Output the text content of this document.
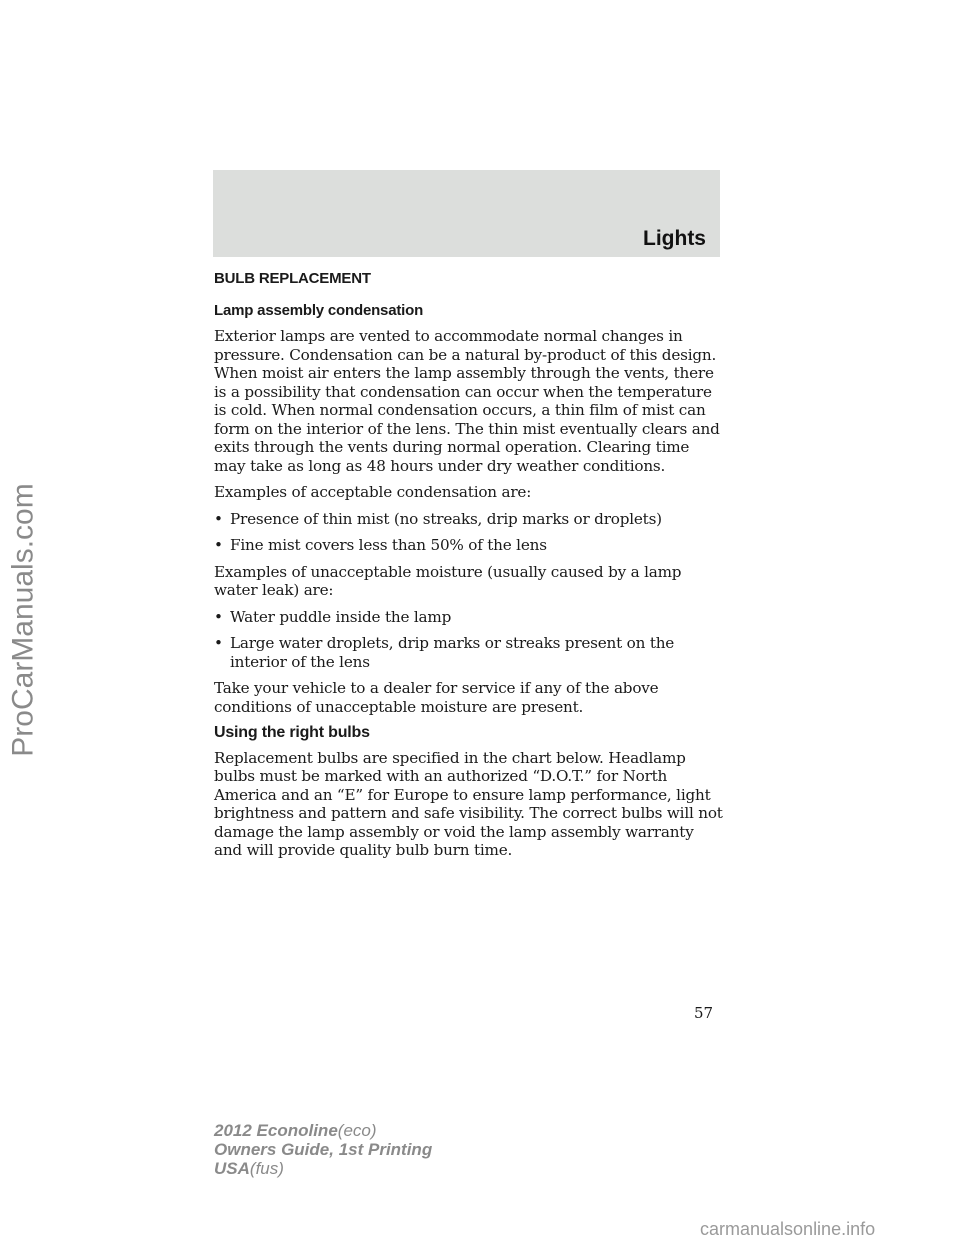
ProCarManuals.com
Lights
BULB REPLACEMENT
Lamp assembly condensation

Exterior lamps are vented to accommodate normal changes in pressure. Condensation can be a natural by-product of this design. When moist air enters the lamp assembly through the vents, there is a possibility that condensation can occur when the temperature is cold. When normal condensation occurs, a thin film of mist can form on the interior of the lens. The thin mist eventually clears and exits through the vents during normal operation. Clearing time may take as long as 48 hours under dry weather conditions.

Examples of acceptable condensation are:

• Presence of thin mist (no streaks, drip marks or droplets)
• Fine mist covers less than 50% of the lens

Examples of unacceptable moisture (usually caused by a lamp water leak) are:

• Water puddle inside the lamp
• Large water droplets, drip marks or streaks present on the interior of the lens

Take your vehicle to a dealer for service if any of the above conditions of unacceptable moisture are present.

Using the right bulbs

Replacement bulbs are specified in the chart below. Headlamp bulbs must be marked with an authorized “D.O.T.” for North America and an “E” for Europe to ensure lamp performance, light brightness and pattern and safe visibility. The correct bulbs will not damage the lamp assembly or void the lamp assembly warranty and will provide quality bulb burn time.

57
2012 Econoline(eco)
Owners Guide, 1st Printing
USA(fus)
carmanualsonline.info
